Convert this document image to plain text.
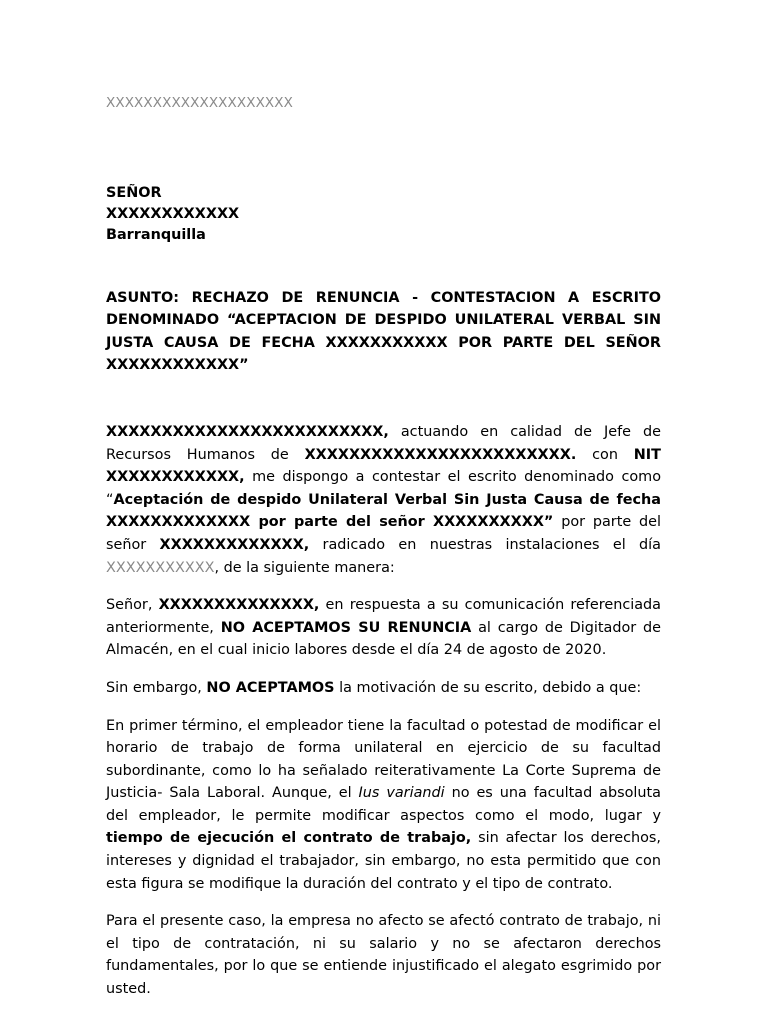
XXXXXXXXXXXXXXXXXXXX

SEÑOR
XXXXXXXXXXXX
Barranquilla

ASUNTO: RECHAZO DE RENUNCIA - CONTESTACION A ESCRITO DENOMINADO “ACEPTACION DE DESPIDO UNILATERAL VERBAL SIN JUSTA CAUSA DE FECHA XXXXXXXXXXX POR PARTE DEL SEÑOR XXXXXXXXXXXX”

XXXXXXXXXXXXXXXXXXXXXXXXX, actuando en calidad de Jefe de Recursos Humanos de XXXXXXXXXXXXXXXXXXXXXXXX. con NIT XXXXXXXXXXXX, me dispongo a contestar el escrito denominado como “Aceptación de despido Unilateral Verbal Sin Justa Causa de fecha XXXXXXXXXXXXX por parte del señor XXXXXXXXXX” por parte del señor XXXXXXXXXXXXX, radicado en nuestras instalaciones el día XXXXXXXXXXX, de la siguiente manera:

Señor, XXXXXXXXXXXXXX, en respuesta a su comunicación referenciada anteriormente, NO ACEPTAMOS SU RENUNCIA al cargo de Digitador de Almacén, en el cual inicio labores desde el día 24 de agosto de 2020.

Sin embargo, NO ACEPTAMOS la motivación de su escrito, debido a que:

En primer término, el empleador tiene la facultad o potestad de modificar el horario de trabajo de forma unilateral en ejercicio de su facultad subordinante, como lo ha señalado reiterativamente La Corte Suprema de Justicia- Sala Laboral. Aunque, el Ius variandi no es una facultad absoluta del empleador, le permite modificar aspectos como el modo, lugar y tiempo de ejecución el contrato de trabajo, sin afectar los derechos, intereses y dignidad el trabajador, sin embargo, no esta permitido que con esta figura se modifique la duración del contrato y el tipo de contrato.

Para el presente caso, la empresa no afecto se afectó contrato de trabajo, ni el tipo de contratación, ni su salario y no se afectaron derechos fundamentales, por lo que se entiende injustificado el alegato esgrimido por usted.
